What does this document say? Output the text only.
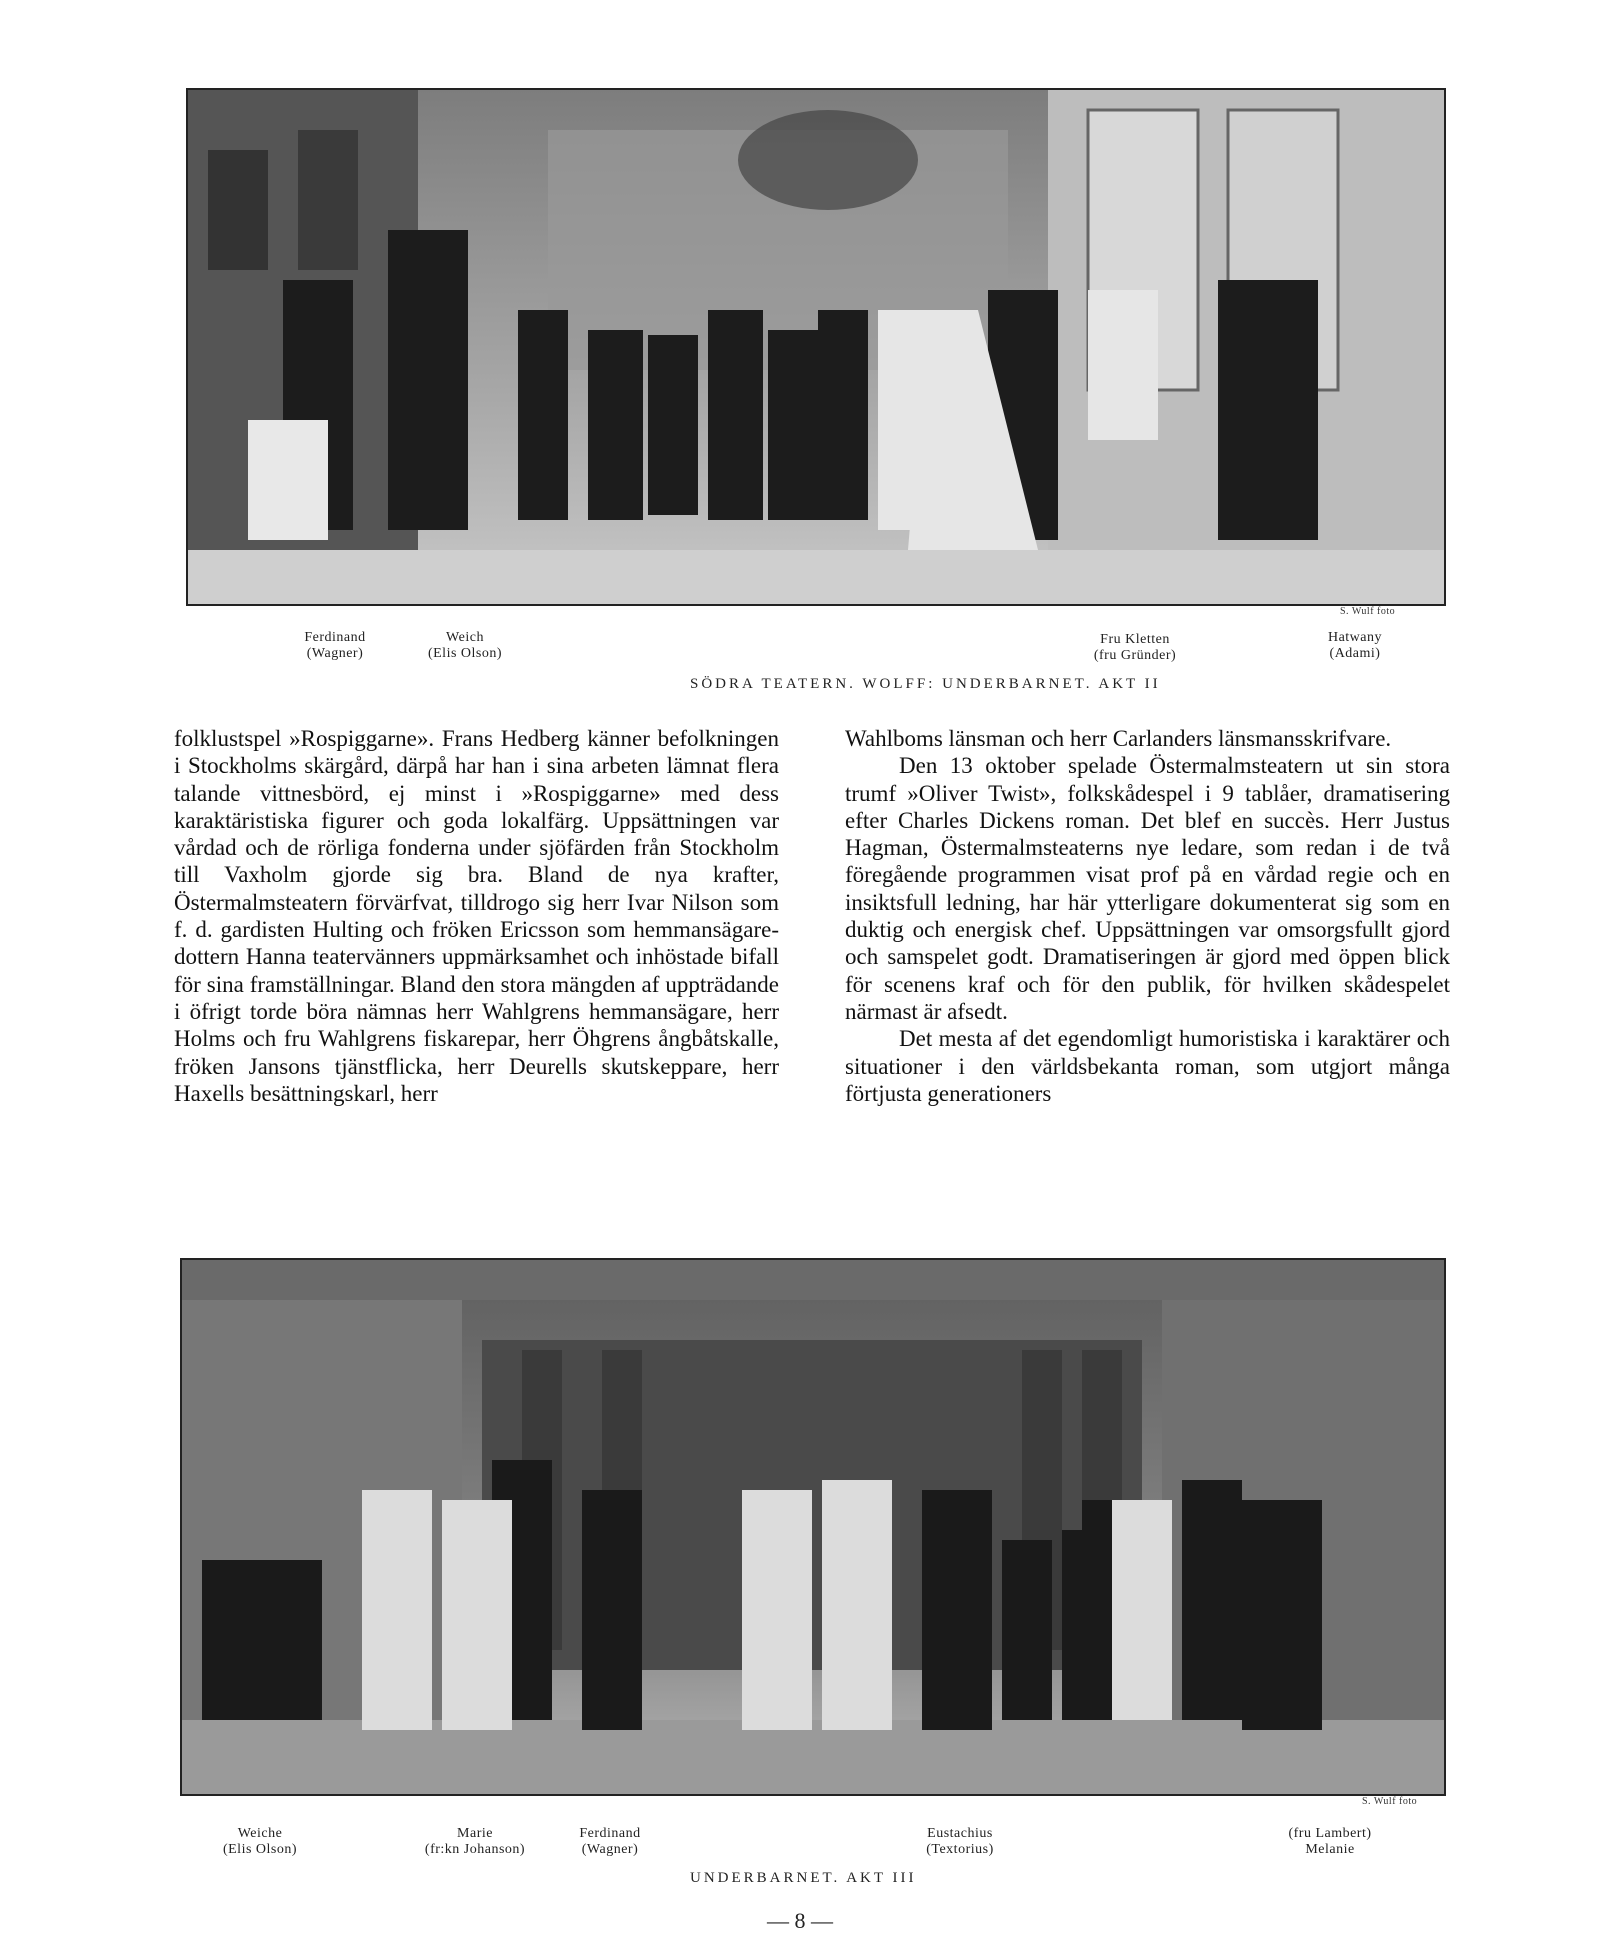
S. Wulf foto
Ferdinand
(Wagner)
Weich
(Elis Olson)
Fru Kletten
(fru Gründer)
Hatwany
(Adami)
SÖDRA TEATERN. WOLFF: UNDERBARNET. AKT II

folklustspel »Rospiggarne». Frans Hedberg känner befolkningen i Stockholms skärgård, därpå har han i sina arbeten lämnat flera talande vittnesbörd, ej minst i »Rospiggarne» med dess karaktäristiska figurer och goda lokalfärg. Uppsättningen var vårdad och de rörliga fonderna under sjöfärden från Stockholm till Vaxholm gjorde sig bra. Bland de nya krafter, Östermalmsteatern förvärfvat, tilldrogo sig herr Ivar Nilson som f. d. gardisten Hulting och fröken Ericsson som hemmansägaredottern Hanna teatervänners uppmärksamhet och inhöstade bifall för sina framställningar. Bland den stora mängden af uppträdande i öfrigt torde böra nämnas herr Wahlgrens hemmansägare, herr Holms och fru Wahlgrens fiskarepar, herr Öhgrens ångbåtskalle, fröken Jansons tjänstflicka, herr Deurells skutskeppare, herr Haxells besättningskarl, herr

Wahlboms länsman och herr Carlanders länsmansskrifvare.

Den 13 oktober spelade Östermalmsteatern ut sin stora trumf »Oliver Twist», folkskådespel i 9 tablåer, dramatisering efter Charles Dickens roman. Det blef en succès. Herr Justus Hagman, Östermalmsteaterns nye ledare, som redan i de två föregående programmen visat prof på en vårdad regie och en insiktsfull ledning, har här ytterligare dokumenterat sig som en duktig och energisk chef. Uppsättningen var omsorgsfullt gjord och samspelet godt. Dramatiseringen är gjord med öppen blick för scenens kraf och för den publik, för hvilken skådespelet närmast är afsedt.

Det mesta af det egendomligt humoristiska i karaktärer och situationer i den världsbekanta roman, som utgjort många förtjusta generationers

S. Wulf foto
Weiche
(Elis Olson)
Marie
(fr:kn Johanson)
Ferdinand
(Wagner)
Eustachius
(Textorius)
(fru Lambert)
Melanie
UNDERBARNET. AKT III
— 8 —
